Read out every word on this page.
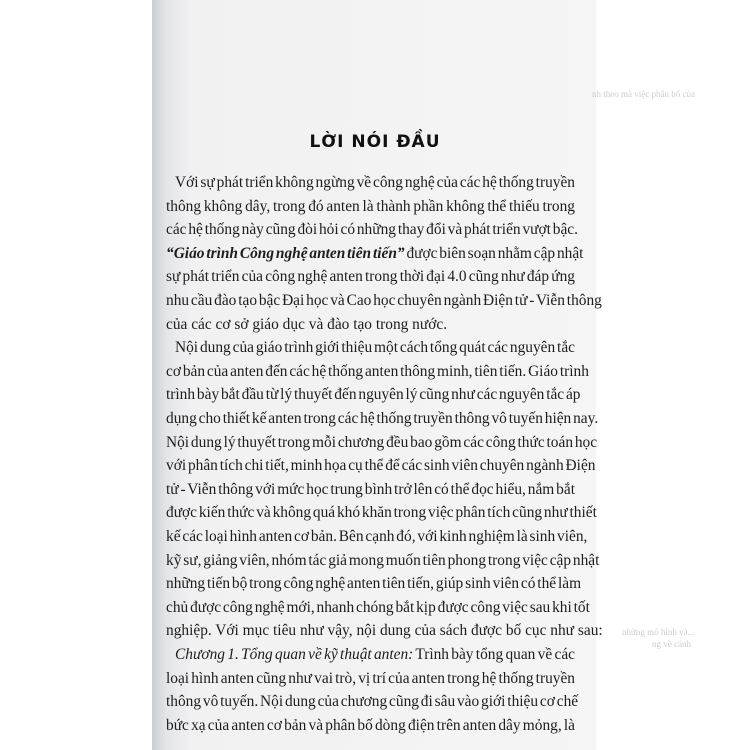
nh theo mà việc phân bố của
những mô hình và...
ng về cánh
LỜI NÓI ĐẦU
Với sự phát triển không ngừng về công nghệ của các hệ thống truyền
thông không dây, trong đó anten là thành phần không thể thiếu trong
các hệ thống này cũng đòi hỏi có những thay đổi và phát triển vượt bậc.
“Giáo trình Công nghệ anten tiên tiến” được biên soạn nhằm cập nhật
sự phát triển của công nghệ anten trong thời đại 4.0 cũng như đáp ứng
nhu cầu đào tạo bậc Đại học và Cao học chuyên ngành Điện tử - Viễn thông
của các cơ sở giáo dục và đào tạo trong nước.
Nội dung của giáo trình giới thiệu một cách tổng quát các nguyên tắc
cơ bản của anten đến các hệ thống anten thông minh, tiên tiến. Giáo trình
trình bày bắt đầu từ lý thuyết đến nguyên lý cũng như các nguyên tắc áp
dụng cho thiết kế anten trong các hệ thống truyền thông vô tuyến hiện nay.
Nội dung lý thuyết trong mỗi chương đều bao gồm các công thức toán học
với phân tích chi tiết, minh họa cụ thể để các sinh viên chuyên ngành Điện
tử - Viễn thông với mức học trung bình trở lên có thể đọc hiểu, nắm bắt
được kiến thức và không quá khó khăn trong việc phân tích cũng như thiết
kế các loại hình anten cơ bản. Bên cạnh đó, với kinh nghiệm là sinh viên,
kỹ sư, giảng viên, nhóm tác giả mong muốn tiên phong trong việc cập nhật
những tiến bộ trong công nghệ anten tiên tiến, giúp sinh viên có thể làm
chủ được công nghệ mới, nhanh chóng bắt kịp được công việc sau khi tốt
nghiệp. Với mục tiêu như vậy, nội dung của sách được bố cục như sau:
Chương 1. Tổng quan về kỹ thuật anten: Trình bày tổng quan về các
loại hình anten cũng như vai trò, vị trí của anten trong hệ thống truyền
thông vô tuyến. Nội dung của chương cũng đi sâu vào giới thiệu cơ chế
bức xạ của anten cơ bản và phân bố dòng điện trên anten dây mỏng, là
